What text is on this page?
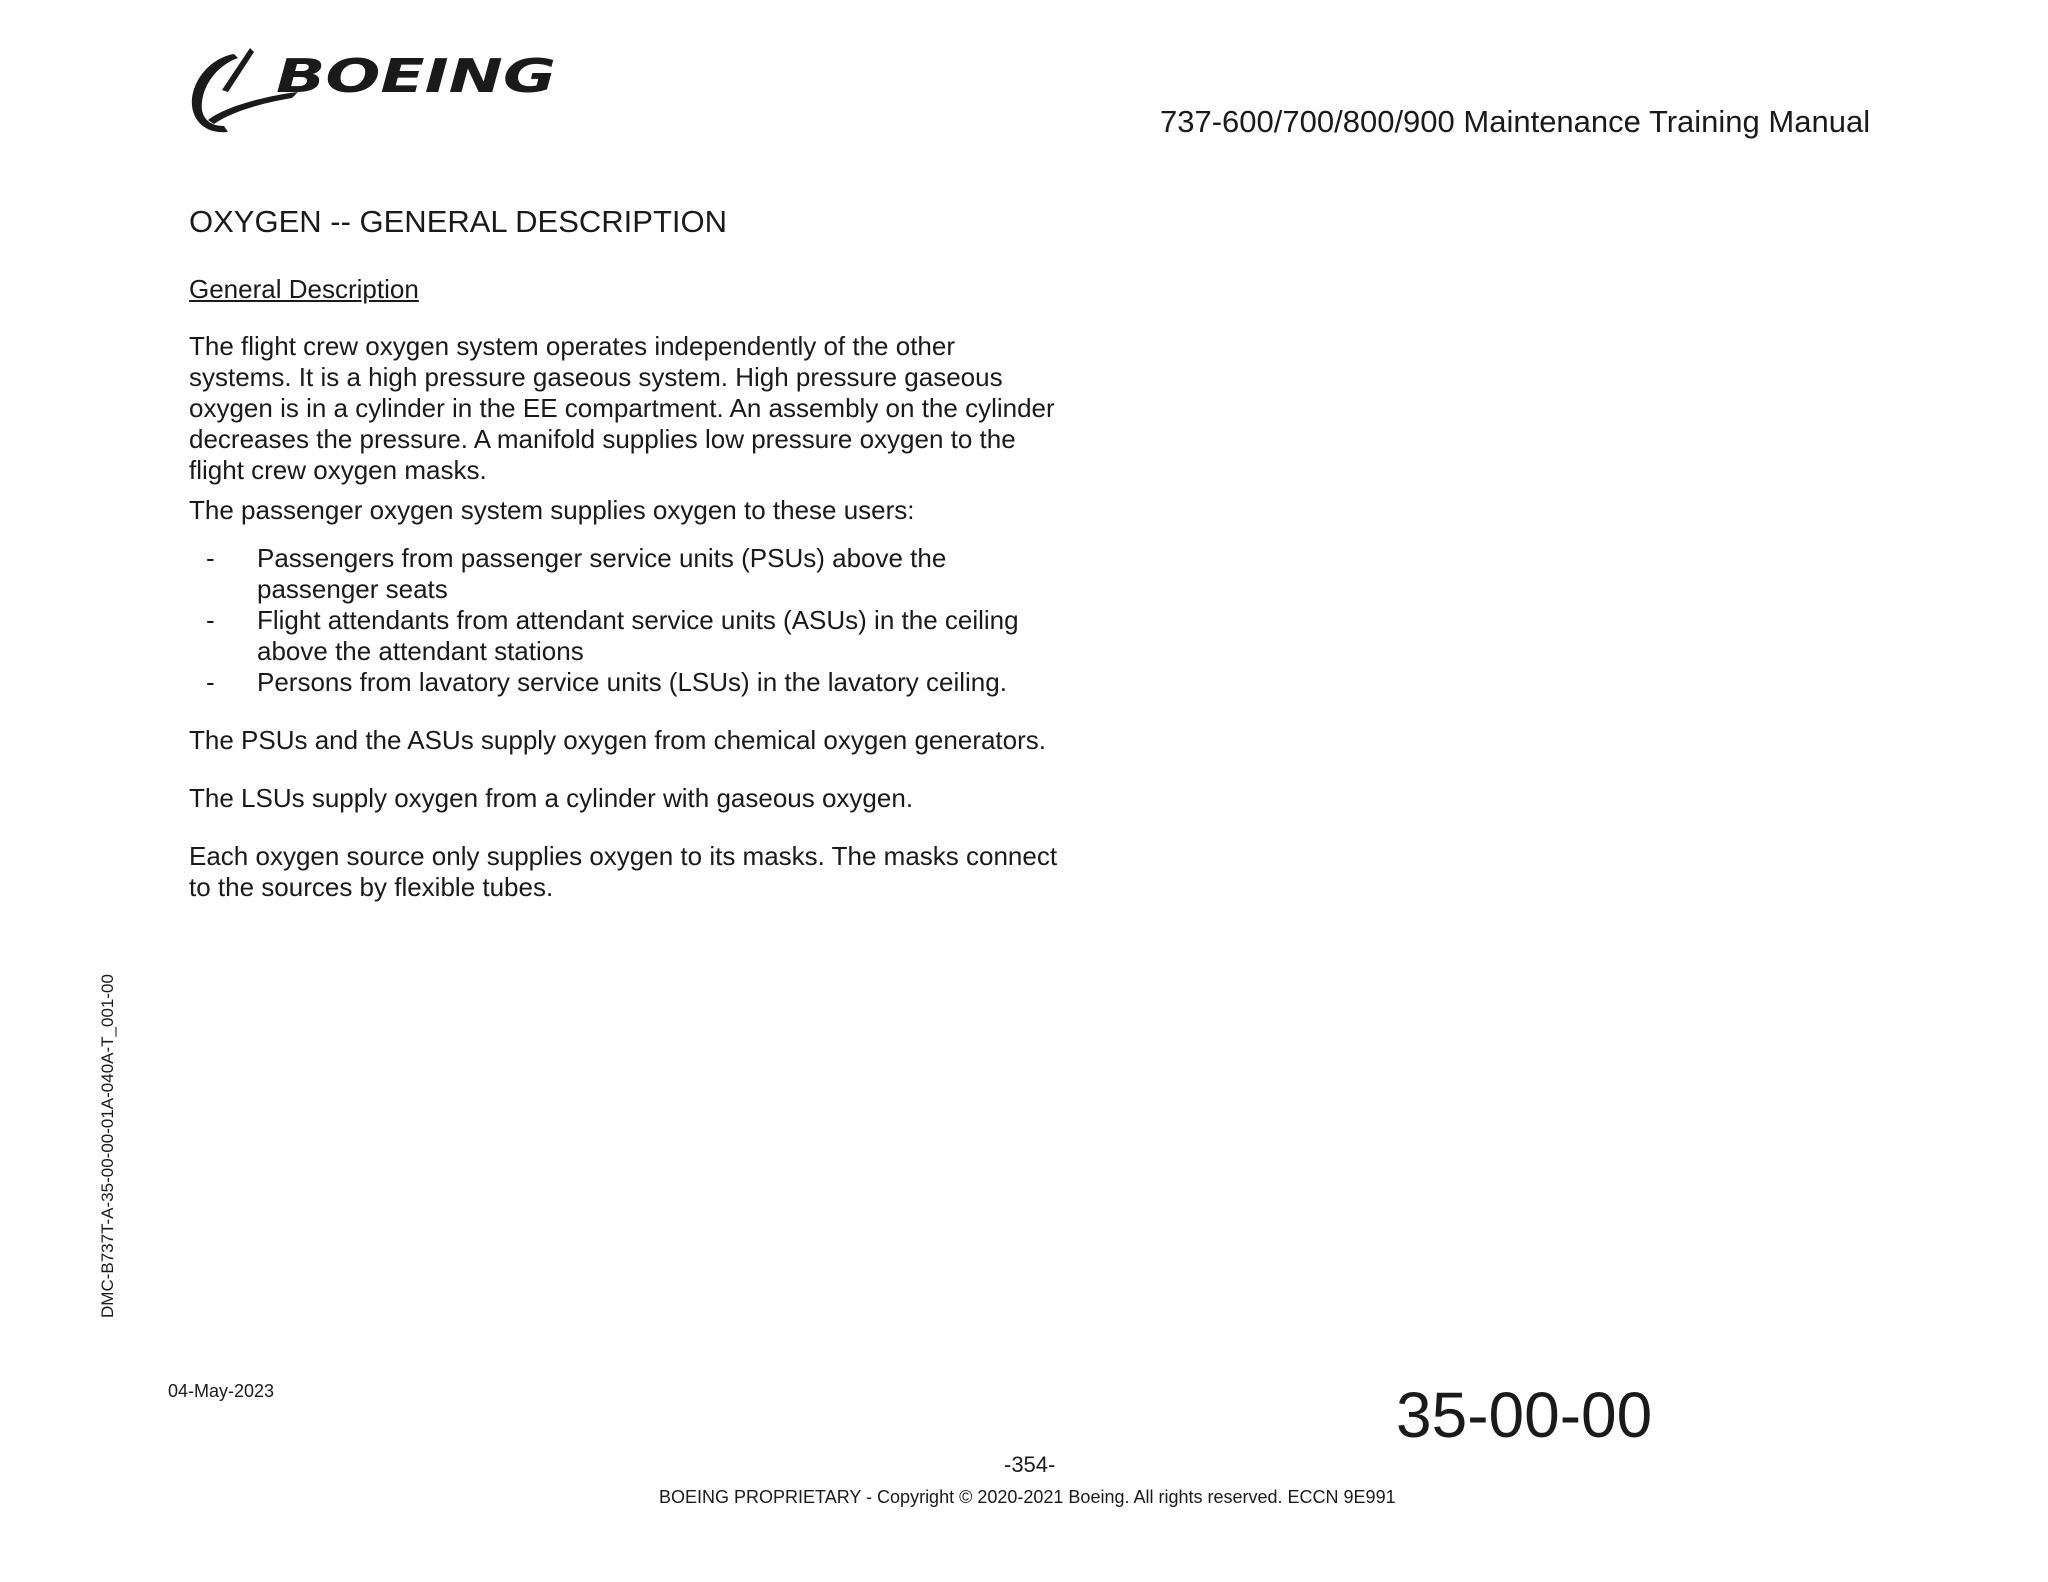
BOEING
737-600/700/800/900 Maintenance Training Manual
OXYGEN -- GENERAL DESCRIPTION
General Description

The flight crew oxygen system operates independently of the other systems. It is a high pressure gaseous system. High pressure gaseous oxygen is in a cylinder in the EE compartment. An assembly on the cylinder decreases the pressure. A manifold supplies low pressure oxygen to the flight crew oxygen masks.

The passenger oxygen system supplies oxygen to these users:

- Passengers from passenger service units (PSUs) above the passenger seats
- Flight attendants from attendant service units (ASUs) in the ceiling above the attendant stations
- Persons from lavatory service units (LSUs) in the lavatory ceiling.

The PSUs and the ASUs supply oxygen from chemical oxygen generators.

The LSUs supply oxygen from a cylinder with gaseous oxygen.

Each oxygen source only supplies oxygen to its masks. The masks connect to the sources by flexible tubes.

DMC-B737T-A-35-00-00-01A-040A-T_001-00
04-May-2023	35-00-00
-354-
BOEING PROPRIETARY - Copyright © 2020-2021 Boeing. All rights reserved. ECCN 9E991
